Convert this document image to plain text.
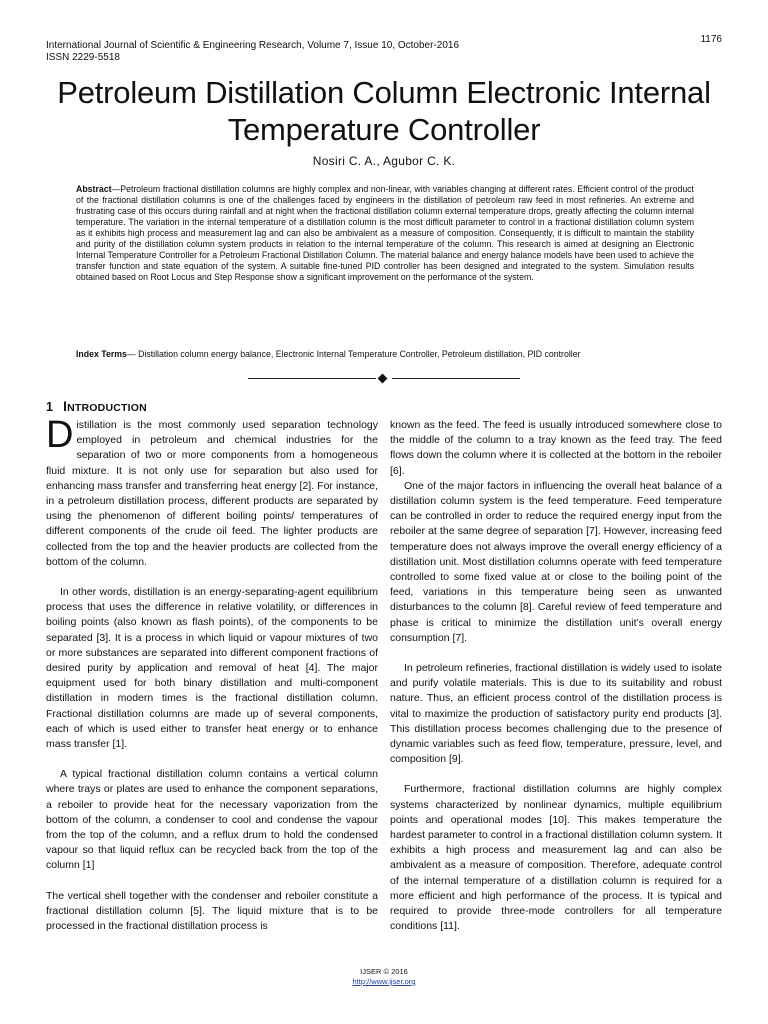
International Journal of Scientific & Engineering Research, Volume 7, Issue 10, October-2016
ISSN 2229-5518
1176
Petroleum Distillation Column Electronic Internal Temperature Controller
Nosiri C. A., Agubor C. K.

Abstract—Petroleum fractional distillation columns are highly complex and non-linear, with variables changing at different rates. Efficient control of the product of the fractional distillation columns is one of the challenges faced by engineers in the distillation of petroleum raw feed in most refineries. An extreme and frustrating case of this occurs during rainfall and at night when the fractional distillation column external temperature drops, greatly affecting the column internal temperature. The variation in the internal temperature of a distillation column is the most difficult parameter to control in a fractional distillation column system as it exhibits high process and measurement lag and can also be ambivalent as a measure of composition. Consequently, it is difficult to maintain the stability and purity of the distillation column system products in relation to the internal temperature of the column. This research is aimed at designing an Electronic Internal Temperature Controller for a Petroleum Fractional Distillation Column. The material balance and energy balance models have been used to achieve the transfer function and state equation of the system. A suitable fine-tuned PID controller has been designed and integrated to the system. Simulation results obtained based on Root Locus and Step Response show a significant improvement on the performance of the system.

Index Terms— Distillation column energy balance, Electronic Internal Temperature Controller, Petroleum distillation, PID controller

1 INTRODUCTION

Distillation is the most commonly used separation technology employed in petroleum and chemical industries for the separation of two or more components from a homogeneous fluid mixture. It is not only use for separation but also used for enhancing mass transfer and transferring heat energy [2]. For instance, in a petroleum distillation process, different products are separated by using the phenomenon of different boiling points/ temperatures of different components of the crude oil feed. The lighter products are collected from the top and the heavier products are collected from the bottom of the column.

In other words, distillation is an energy-separating-agent equilibrium process that uses the difference in relative volatility, or differences in boiling points (also known as flash points), of the components to be separated [3]. It is a process in which liquid or vapour mixtures of two or more substances are separated into different component fractions of desired purity by application and removal of heat [4]. The major equipment used for both binary distillation and multi-component distillation in modern times is the fractional distillation column. Fractional distillation columns are made up of several components, each of which is used either to transfer heat energy or to enhance mass transfer [1].

A typical fractional distillation column contains a vertical column where trays or plates are used to enhance the component separations, a reboiler to provide heat for the necessary vaporization from the bottom of the column, a condenser to cool and condense the vapour from the top of the column, and a reflux drum to hold the condensed vapour so that liquid reflux can be recycled back from the top of the column [1]

The vertical shell together with the condenser and reboiler constitute a fractional distillation column [5]. The liquid mixture that is to be processed in the fractional distillation process is

known as the feed. The feed is usually introduced somewhere close to the middle of the column to a tray known as the feed tray. The feed flows down the column where it is collected at the bottom in the reboiler [6].

One of the major factors in influencing the overall heat balance of a distillation column system is the feed temperature. Feed temperature can be controlled in order to reduce the required energy input from the reboiler at the same degree of separation [7]. However, increasing feed temperature does not always improve the overall energy efficiency of a distillation unit. Most distillation columns operate with feed temperature controlled to some fixed value at or close to the boiling point of the feed, variations in this temperature being seen as unwanted disturbances to the column [8]. Careful review of feed temperature and phase is critical to minimize the distillation unit’s overall energy consumption [7].

In petroleum refineries, fractional distillation is widely used to isolate and purify volatile materials. This is due to its suitability and robust nature. Thus, an efficient process control of the distillation process is vital to maximize the production of satisfactory purity end products [3]. This distillation process becomes challenging due to the presence of dynamic variables such as feed flow, temperature, pressure, level, and composition [9].

Furthermore, fractional distillation columns are highly complex systems characterized by nonlinear dynamics, multiple equilibrium points and operational modes [10]. This makes temperature the hardest parameter to control in a fractional distillation column system. It exhibits a high process and measurement lag and can also be ambivalent as a measure of composition. Therefore, adequate control of the internal temperature of a distillation column is required for a more efficient and high performance of the process. It is typical and required to provide three-mode controllers for all temperature conditions [11].

IJSER © 2016
http://www.ijser.org
